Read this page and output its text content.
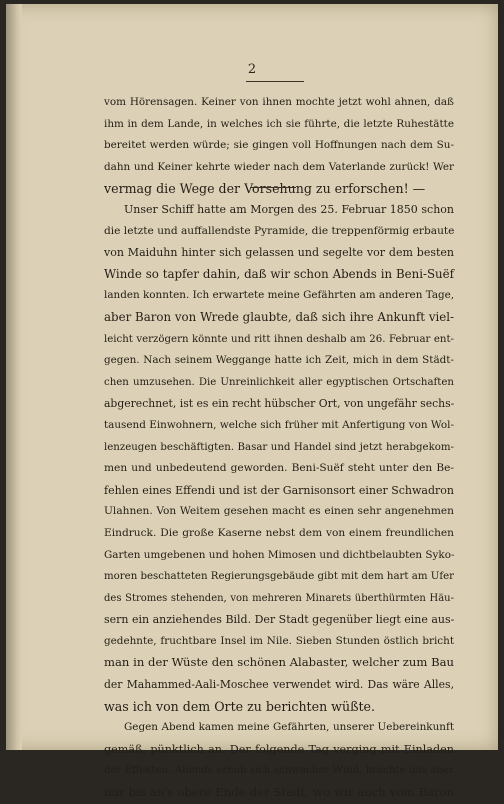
2
vom Hörensagen. Keiner von ihnen mochte jetzt wohl ahnen, daß
ihm in dem Lande, in welches ich sie führte, die letzte Ruhestätte
bereitet werden würde; sie gingen voll Hoffnungen nach dem Su-
dahn und Keiner kehrte wieder nach dem Vaterlande zurück! Wer
vermag die Wege der Vorsehung zu erforschen! —
Unser Schiff hatte am Morgen des 25. Februar 1850 schon
die letzte und auffallendste Pyramide, die treppenförmig erbaute
von Maiduhn hinter sich gelassen und segelte vor dem besten
Winde so tapfer dahin, daß wir schon Abends in Beni-Suëf
landen konnten. Ich erwartete meine Gefährten am anderen Tage,
aber Baron von Wrede glaubte, daß sich ihre Ankunft viel-
leicht verzögern könnte und ritt ihnen deshalb am 26. Februar ent-
gegen. Nach seinem Weggange hatte ich Zeit, mich in dem Städt-
chen umzusehen. Die Unreinlichkeit aller egyptischen Ortschaften
abgerechnet, ist es ein recht hübscher Ort, von ungefähr sechs-
tausend Einwohnern, welche sich früher mit Anfertigung von Wol-
lenzeugen beschäftigten. Basar und Handel sind jetzt herabgekom-
men und unbedeutend geworden. Beni-Suëf steht unter den Be-
fehlen eines Effendi und ist der Garnisonsort einer Schwadron
Ulahnen. Von Weitem gesehen macht es einen sehr angenehmen
Eindruck. Die große Kaserne nebst dem von einem freundlichen
Garten umgebenen und hohen Mimosen und dichtbelaubten Syko-
moren beschatteten Regierungsgebäude gibt mit dem hart am Ufer
des Stromes stehenden, von mehreren Minarets überthürmten Häu-
sern ein anziehendes Bild. Der Stadt gegenüber liegt eine aus-
gedehnte, fruchtbare Insel im Nile. Sieben Stunden östlich bricht
man in der Wüste den schönen Alabaster, welcher zum Bau
der Mahammed-Aali-Moschee verwendet wird. Das wäre Alles,
was ich von dem Orte zu berichten wüßte.
Gegen Abend kamen meine Gefährten, unserer Uebereinkunft
gemäß, pünktlich an. Der folgende Tag verging mit Einladen
der Effekten. Abends erhob sich schwacher Wind, brachte uns aber
nur bis an's obere Ende der Stadt, wo wir auch vom Baron
